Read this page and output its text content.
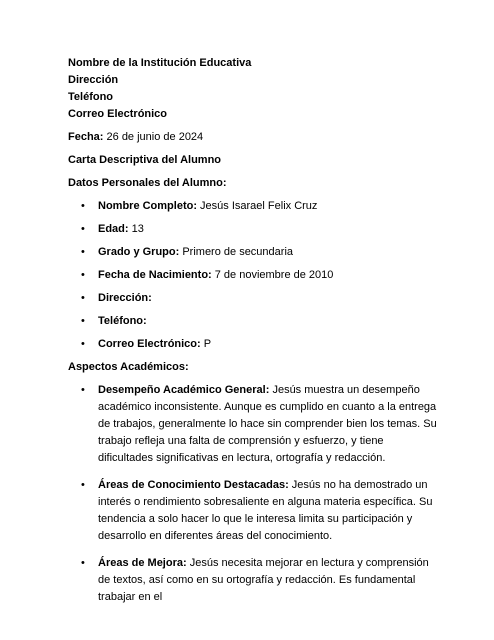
Nombre de la Institución Educativa

Dirección

Teléfono

Correo Electrónico

Fecha: 26 de junio de 2024

Carta Descriptiva del Alumno

Datos Personales del Alumno:

• Nombre Completo: Jesús Isarael Felix Cruz
• Edad: 13
• Grado y Grupo: Primero de secundaria
• Fecha de Nacimiento: 7 de noviembre de 2010
• Dirección:
• Teléfono:
• Correo Electrónico: P

Aspectos Académicos:

• Desempeño Académico General: Jesús muestra un desempeño académico inconsistente. Aunque es cumplido en cuanto a la entrega de trabajos, generalmente lo hace sin comprender bien los temas. Su trabajo refleja una falta de comprensión y esfuerzo, y tiene dificultades significativas en lectura, ortografía y redacción.
• Áreas de Conocimiento Destacadas: Jesús no ha demostrado un interés o rendimiento sobresaliente en alguna materia específica. Su tendencia a solo hacer lo que le interesa limita su participación y desarrollo en diferentes áreas del conocimiento.
• Áreas de Mejora: Jesús necesita mejorar en lectura y comprensión de textos, así como en su ortografía y redacción. Es fundamental trabajar en el
